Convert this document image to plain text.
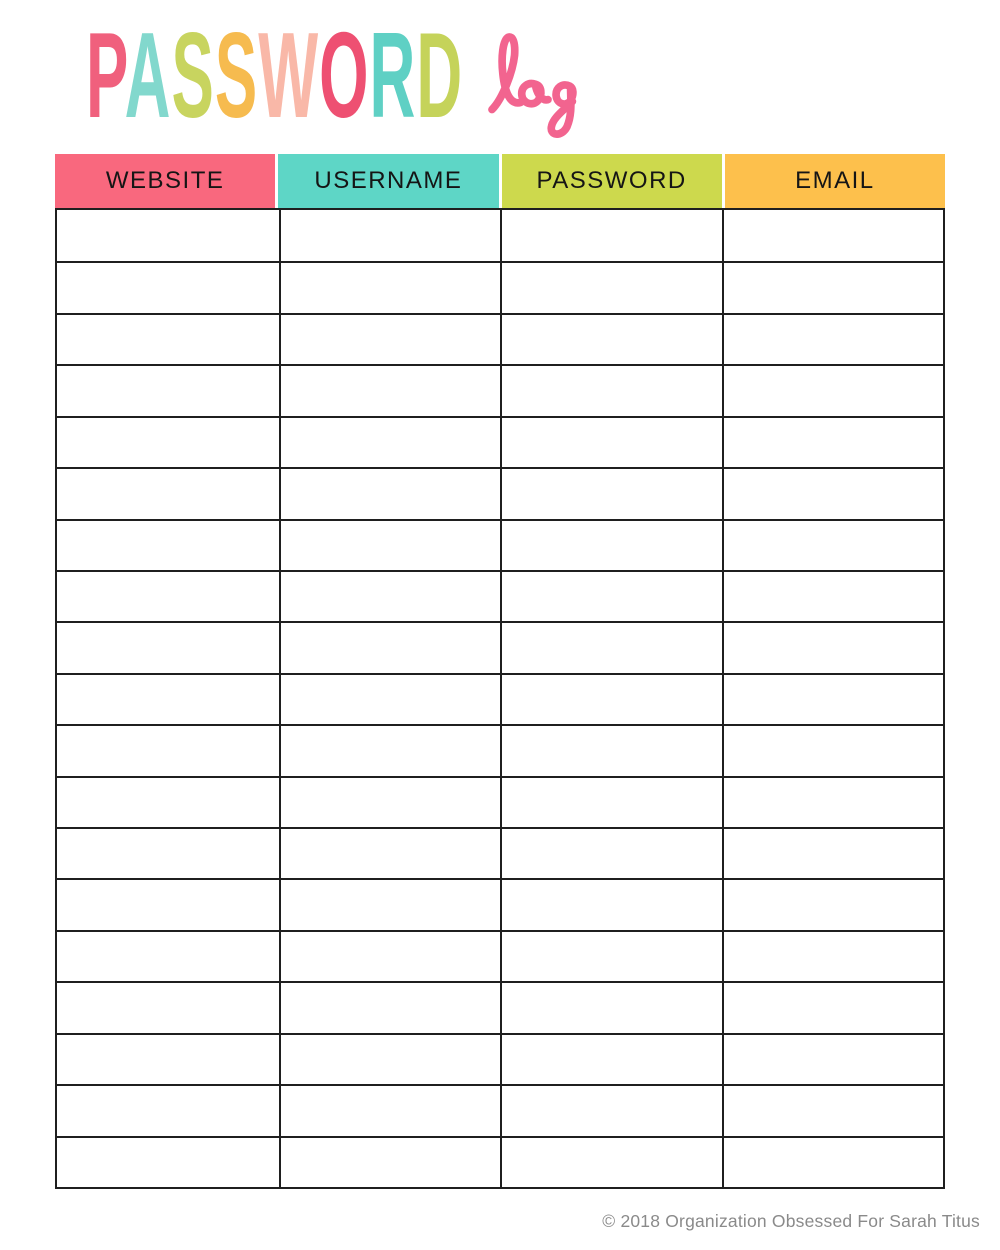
PASSWORD
WEBSITE	USERNAME	PASSWORD	EMAIL
© 2018 Organization Obsessed For Sarah Titus
